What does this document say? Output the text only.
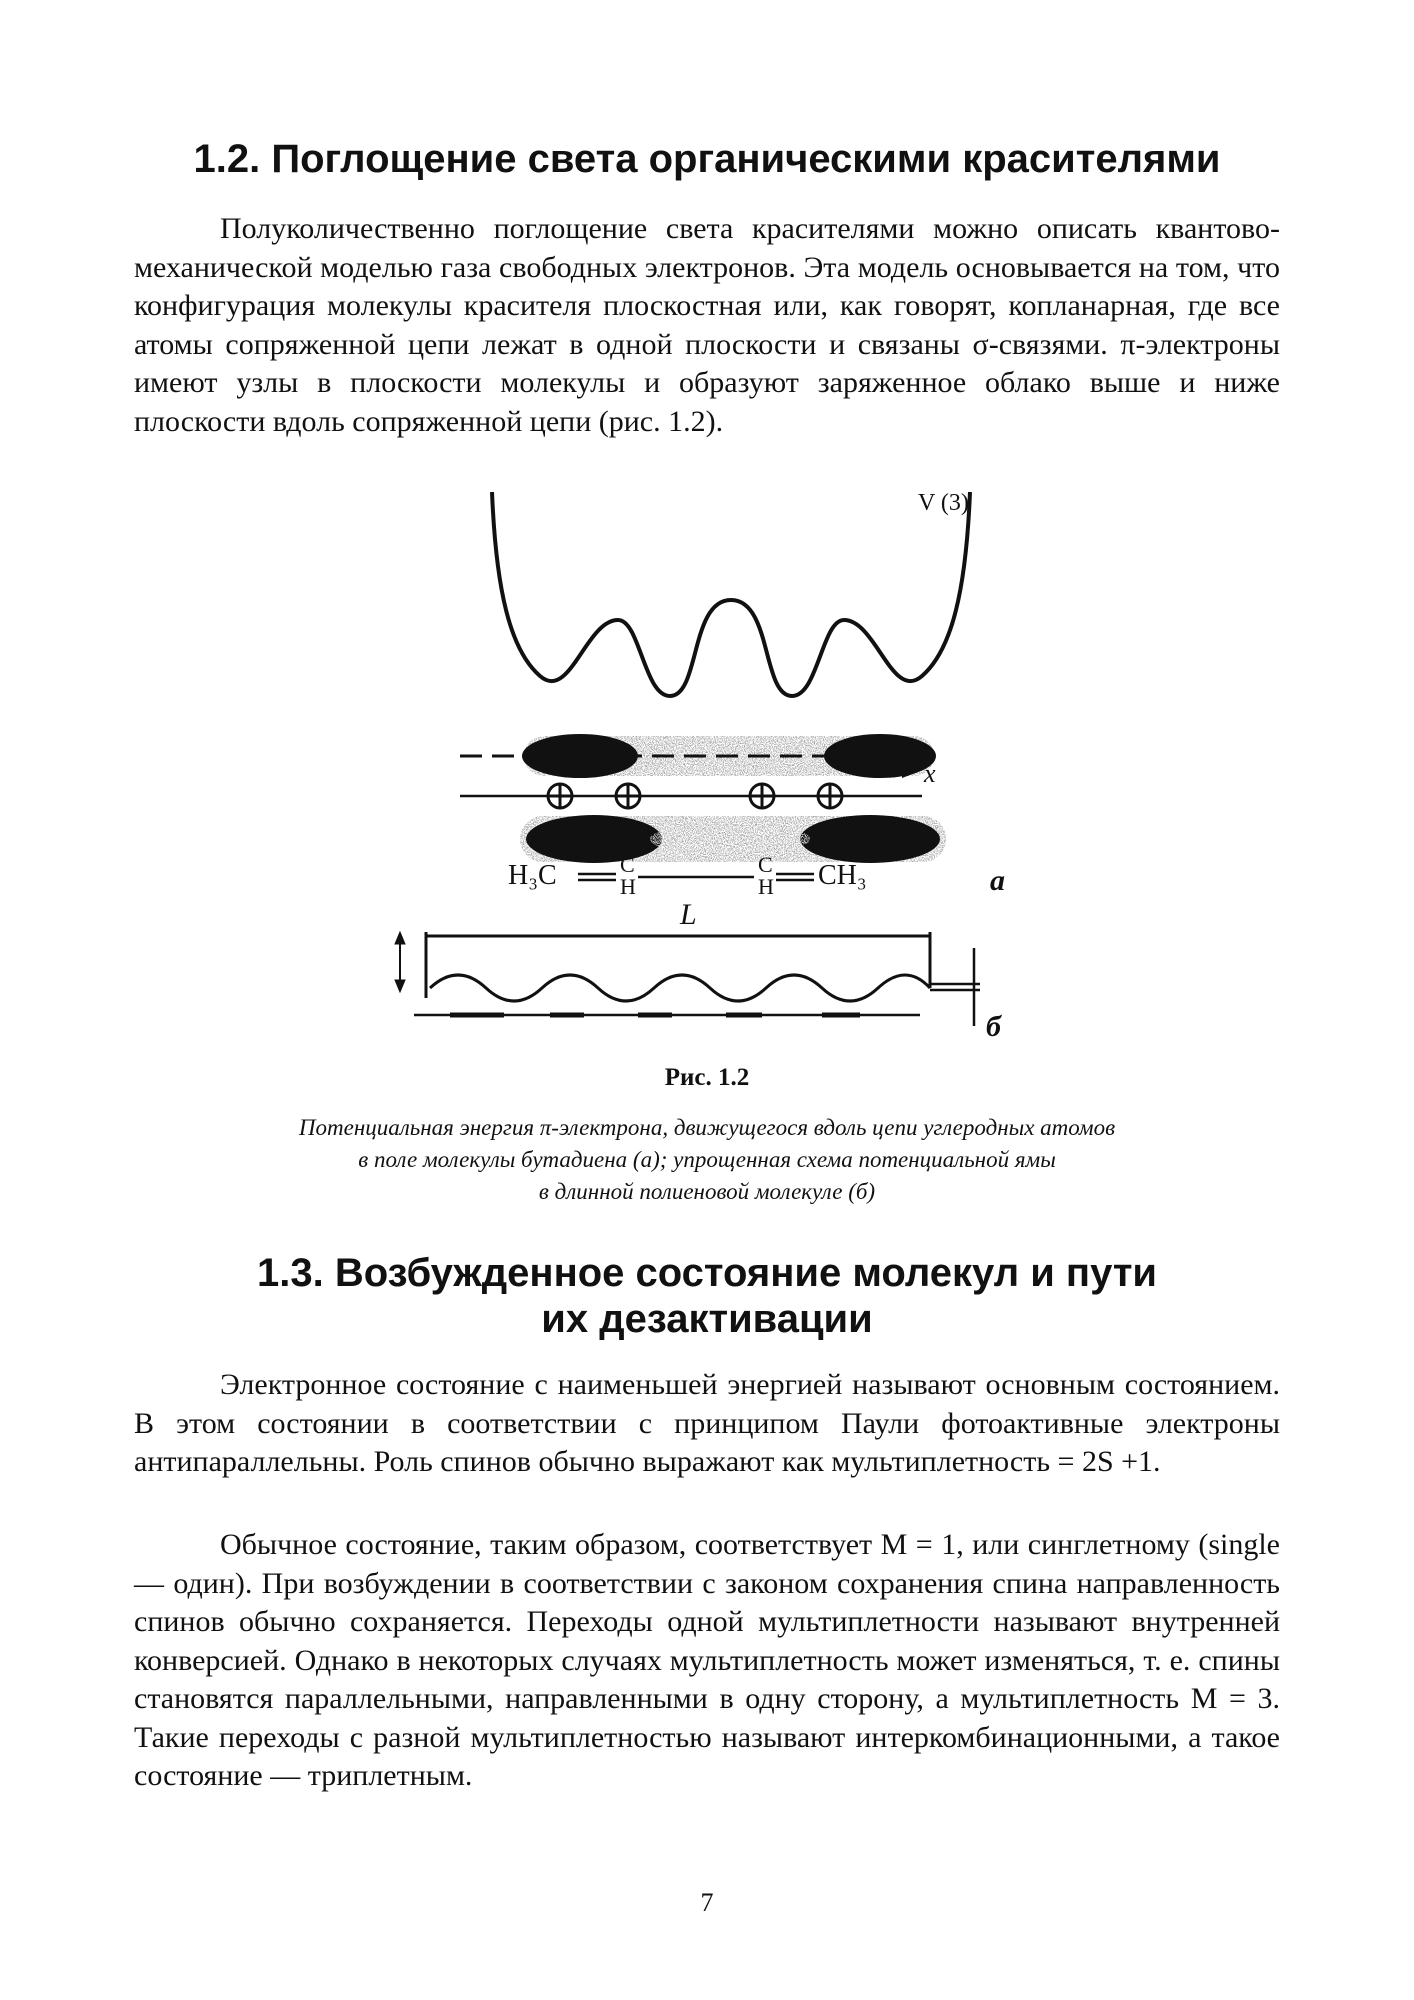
1.2. Поглощение света органическими красителями

Полуколичественно поглощение света красителями можно описать квантово-механической моделью газа свободных электронов. Эта модель основывается на том, что конфигурация молекулы красителя плоскостная или, как говорят, копланарная, где все атомы сопряженной цепи лежат в одной плоскости и связаны σ-связями. π-электроны имеют узлы в плоскости молекулы и образуют заряженное облако выше и ниже плоскости вдоль сопряженной цепи (рис. 1.2).

V (3)
x
H₃C	C
H
C
H CH₃	а
L
б

Рис. 1.2

Потенциальная энергия π-электрона, движущегося вдоль цепи углеродных атомов
в поле молекулы бутадиена (а); упрощенная схема потенциальной ямы
в длинной полиеновой молекуле (б)

1.3. Возбужденное состояние молекул и пути
их дезактивации

Электронное состояние с наименьшей энергией называют основным состоянием. В этом состоянии в соответствии с принципом Паули фотоактивные электроны антипараллельны. Роль спинов обычно выражают как мультиплетность = 2S +1.

Обычное состояние, таким образом, соответствует M = 1, или синглетному (single — один). При возбуждении в соответствии с законом сохранения спина направленность спинов обычно сохраняется. Переходы одной мультиплетности называют внутренней конверсией. Однако в некоторых случаях мультиплетность может изменяться, т. е. спины становятся параллельными, направленными в одну сторону, а мультиплетность M = 3. Такие переходы с разной мультиплетностью называют интеркомбинационными, а такое состояние — триплетным.

7
